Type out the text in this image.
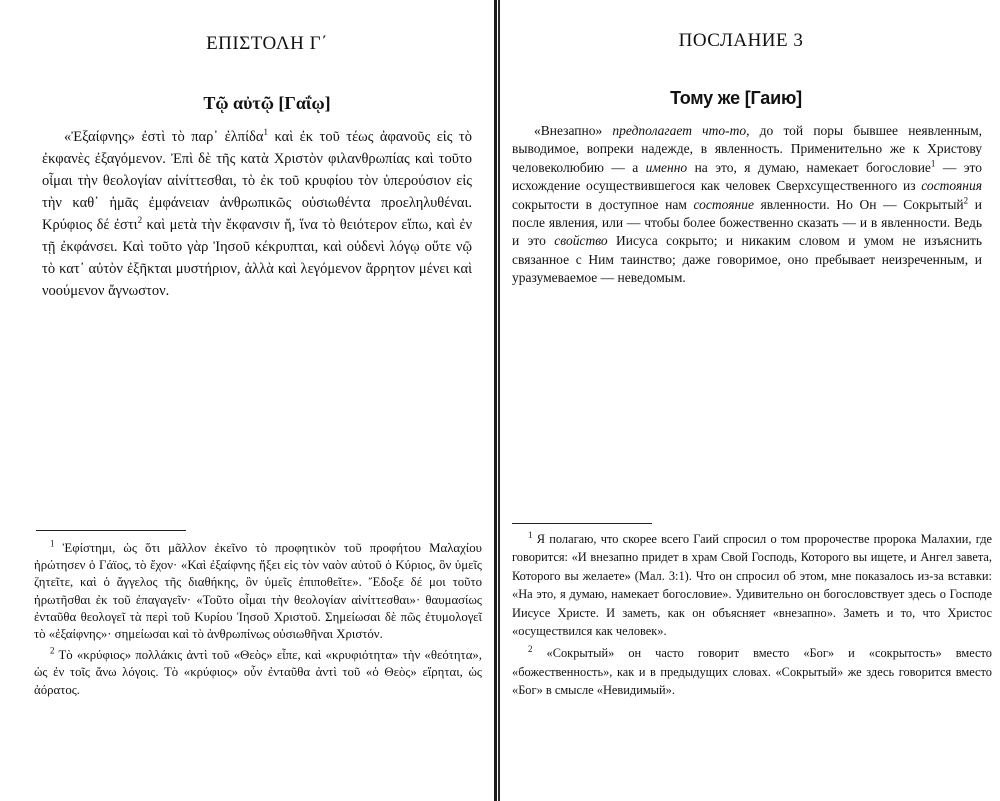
ΕΠΙΣΤΟΛΗ Γ΄
Τῷ αὐτῷ [Γαΐῳ]

«Ἐξαίφνης» ἐστὶ τὸ παρ᾽ ἐλπίδα$^1$ καὶ ἐκ τοῦ τέως ἀφανοῦς εἰς τὸ ἐκφανὲς ἐξαγόμενον. Ἐπὶ δὲ τῆς κατὰ Χριστὸν φιλανθρωπίας καὶ τοῦτο οἶμαι τὴν θεολογίαν αἰνίττεσθαι, τὸ ἐκ τοῦ κρυφίου τὸν ὑπερούσιον εἰς τὴν καθ᾽ ἡμᾶς ἐμφάνειαν ἀνθρωπικῶς οὐσιωθέντα προεληλυθέναι. Κρύφιος δέ ἐστι$^2$ καὶ μετὰ τὴν ἔκφανσιν ἤ, ἵνα τὸ θειότερον εἴπω, καὶ ἐν τῇ ἐκφάνσει. Καὶ τοῦτο γὰρ Ἰησοῦ κέκρυπται, καὶ οὐδενὶ λόγῳ οὔτε νῷ τὸ κατ᾽ αὐτὸν ἐξῆκται μυστήριον, ἀλλὰ καὶ λεγόμενον ἄρρητον μένει καὶ νοούμενον ἄγνωστον.

$^1$ Ἐφίστημι, ὡς ὅτι μᾶλλον ἐκεῖνο τὸ προφητικὸν τοῦ προφήτου Μαλαχίου ἠρώτησεν ὁ Γάϊος, τὸ ἔχον· «Καὶ ἐξαίφνης ἥξει εἰς τὸν ναὸν αὐτοῦ ὁ Κύριος, ὃν ὑμεῖς ζητεῖτε, καὶ ὁ ἄγγελος τῆς διαθήκης, ὃν ὑμεῖς ἐπιποθεῖτε». Ἔδοξε δέ μοι τοῦτο ἠρωτῆσθαι ἐκ τοῦ ἐπαγαγεῖν· «Τοῦτο οἶμαι τὴν θεολογίαν αἰνίττεσθαι»· θαυμασίως ἐνταῦθα θεολογεῖ τὰ περὶ τοῦ Κυρίου Ἰησοῦ Χριστοῦ. Σημείωσαι δὲ πῶς ἐτυμολογεῖ τὸ «ἐξαίφνης»· σημείωσαι καὶ τὸ ἀνθρωπίνως οὐσιωθῆναι Χριστόν.

$^2$ Τὸ «κρύφιος» πολλάκις ἀντὶ τοῦ «Θεὸς» εἶπε, καὶ «κρυφιότητα» τὴν «θεότητα», ὡς ἐν τοῖς ἄνω λόγοις. Τὸ «κρύφιος» οὖν ἐνταῦθα ἀντὶ τοῦ «ὁ Θεὸς» εἴρηται, ὡς ἀόρατος.

ПОСЛАНИЕ 3
Тому же [Гаию]

«Внезапно» предполагает что-то, до той поры бывшее неявленным, выводимое, вопреки надежде, в явленность. Применительно же к Христову человеколюбию — а именно на это, я думаю, намекает богословие$^1$ — это исхождение осуществившегося как человек Сверхсущественного из состояния сокрытости в доступное нам состояние явленности. Но Он — Сокрытый$^2$ и после явления, или — чтобы более божественно сказать — и в явленности. Ведь и это свойство Иисуса сокрыто; и никаким словом и умом не изъяснить связанное с Ним таинство; даже говоримое, оно пребывает неизреченным, и уразумеваемое — неведомым.

$^1$ Я полагаю, что скорее всего Гаий спросил о том пророчестве пророка Малахии, где говорится: «И внезапно придет в храм Свой Господь, Которого вы ищете, и Ангел завета, Которого вы желаете» (Мал. 3:1). Что он спросил об этом, мне показалось из-за вставки: «На это, я думаю, намекает богословие». Удивительно он богословствует здесь о Господе Иисусе Христе. И заметь, как он объясняет «внезапно». Заметь и то, что Христос «осуществился как человек».

$^2$ «Сокрытый» он часто говорит вместо «Бог» и «сокрытость» вместо «божественность», как и в предыдущих словах. «Сокрытый» же здесь говорится вместо «Бог» в смысле «Невидимый».
